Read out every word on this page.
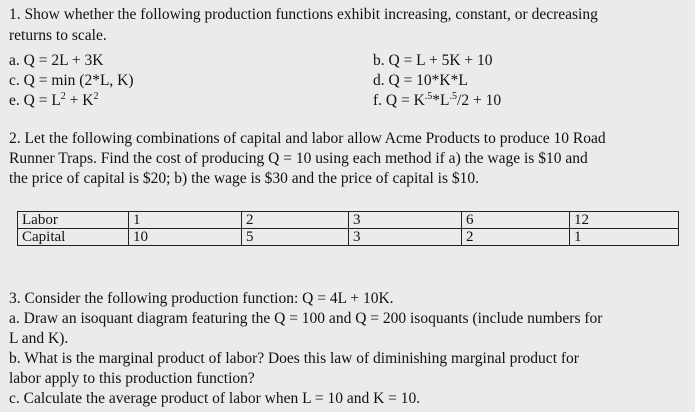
1. Show whether the following production functions exhibit increasing, constant, or decreasing
returns to scale.
a. Q = 2L + 3K	b. Q = L + 5K + 10
c. Q = min (2*L, K)	d. Q = 10*K*L
e. $Q = L^2 + K^2$	f. $Q = K^{.5}*L^{.5}/2 + 10$
2. Let the following combinations of capital and labor allow Acme Products to produce 10 Road
Runner Traps. Find the cost of producing Q = 10 using each method if a) the wage is $10 and
the price of capital is $20; b) the wage is $30 and the price of capital is $10.
Labor	1	2	3	6	12
Capital	10	5	3	2	1
3. Consider the following production function: Q = 4L + 10K.
a. Draw an isoquant diagram featuring the Q = 100 and Q = 200 isoquants (include numbers for
L and K).
b. What is the marginal product of labor? Does this law of diminishing marginal product for
labor apply to this production function?
c. Calculate the average product of labor when L = 10 and K = 10.
